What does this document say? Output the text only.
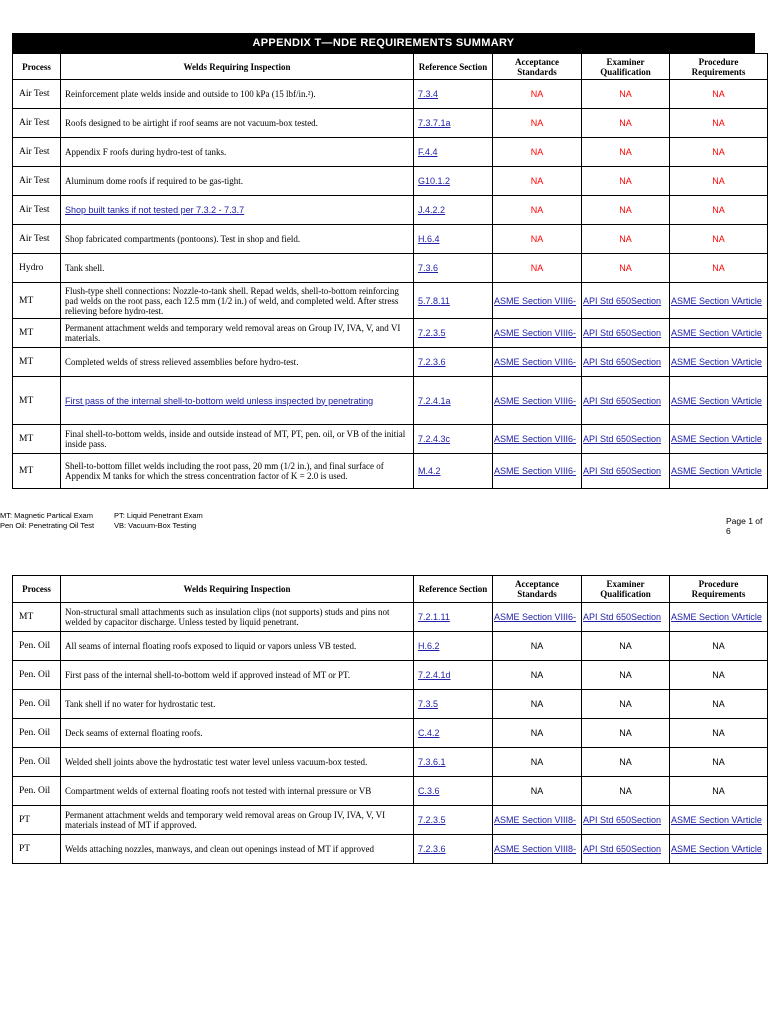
APPENDIX T—NDE REQUIREMENTS SUMMARY
Process	Welds Requiring Inspection	Reference Section	Acceptance Standards	Examiner Qualification	Procedure Requirements
Air Test	Reinforcement plate welds inside and outside to 100 kPa (15 lbf/in.²).	7.3.4	NA	NA	NA
Air Test	Roofs designed to be airtight if roof seams are not vacuum-box tested.	7.3.7.1a	NA	NA	NA
Air Test	Appendix F roofs during hydro-test of tanks.	F.4.4	NA	NA	NA
Air Test	Aluminum dome roofs if required to be gas-tight.	G10.1.2	NA	NA	NA
Air Test	Shop built tanks if not tested per 7.3.2 - 7.3.7	J.4.2.2	NA	NA	NA
Air Test	Shop fabricated compartments (pontoons). Test in shop and field.	H.6.4	NA	NA	NA
Hydro	Tank shell.	7.3.6	NA	NA	NA
MT	Flush-type shell connections: Nozzle-to-tank shell. Repad welds, shell-to-bottom reinforcing pad welds on the root pass, each 12.5 mm (1/2 in.) of weld, and completed weld. After stress relieving before hydro-test.	5.7.8.11	ASME Section VIII6-	API Std 650Section	ASME Section VArticle
MT	Permanent attachment welds and temporary weld removal areas on Group IV, IVA, V, and VI materials.	7.2.3.5	ASME Section VIII6-	API Std 650Section	ASME Section VArticle
MT	Completed welds of stress relieved assemblies before hydro-test.	7.2.3.6	ASME Section VIII6-	API Std 650Section	ASME Section VArticle
MT	First pass of the internal shell-to-bottom weld unless inspected by penetrating	7.2.4.1a	ASME Section VIII6-	API Std 650Section	ASME Section VArticle
MT	Final shell-to-bottom welds, inside and outside instead of MT, PT, pen. oil, or VB of the initial inside pass.	7.2.4.3c	ASME Section VIII6-	API Std 650Section	ASME Section VArticle
MT	Shell-to-bottom fillet welds including the root pass, 20 mm (1/2 in.), and final surface of Appendix M tanks for which the stress concentration factor of K = 2.0 is used.	M.4.2	ASME Section VIII6-	API Std 650Section	ASME Section VArticle
MT: Magnetic Partical Exam	PT: Liquid Penetrant Exam
Pen Oil: Penetrating Oil Test	VB: Vacuum-Box Testing	Page 1 of 6
Process	Welds Requiring Inspection	Reference Section	Acceptance Standards	Examiner Qualification	Procedure Requirements
MT	Non-structural small attachments such as insulation clips (not supports) studs and pins not welded by capacitor discharge. Unless tested by liquid penetrant.	7.2.1.11	ASME Section VIII6-	API Std 650Section	ASME Section VArticle
Pen. Oil	All seams of internal floating roofs exposed to liquid or vapors unless VB tested.	H.6.2	NA	NA	NA
Pen. Oil	First pass of the internal shell-to-bottom weld if approved instead of MT or PT.	7.2.4.1d	NA	NA	NA
Pen. Oil	Tank shell if no water for hydrostatic test.	7.3.5	NA	NA	NA
Pen. Oil	Deck seams of external floating roofs.	C.4.2	NA	NA	NA
Pen. Oil	Welded shell joints above the hydrostatic test water level unless vacuum-box tested.	7.3.6.1	NA	NA	NA
Pen. Oil	Compartment welds of external floating roofs not tested with internal pressure or VB	C.3.6	NA	NA	NA
PT	Permanent attachment welds and temporary weld removal areas on Group IV, IVA, V, VI materials instead of MT if approved.	7.2.3.5	ASME Section VIII8-	API Std 650Section	ASME Section VArticle
PT	Welds attaching nozzles, manways, and clean out openings instead of MT if approved	7.2.3.6	ASME Section VIII8-	API Std 650Section	ASME Section VArticle
